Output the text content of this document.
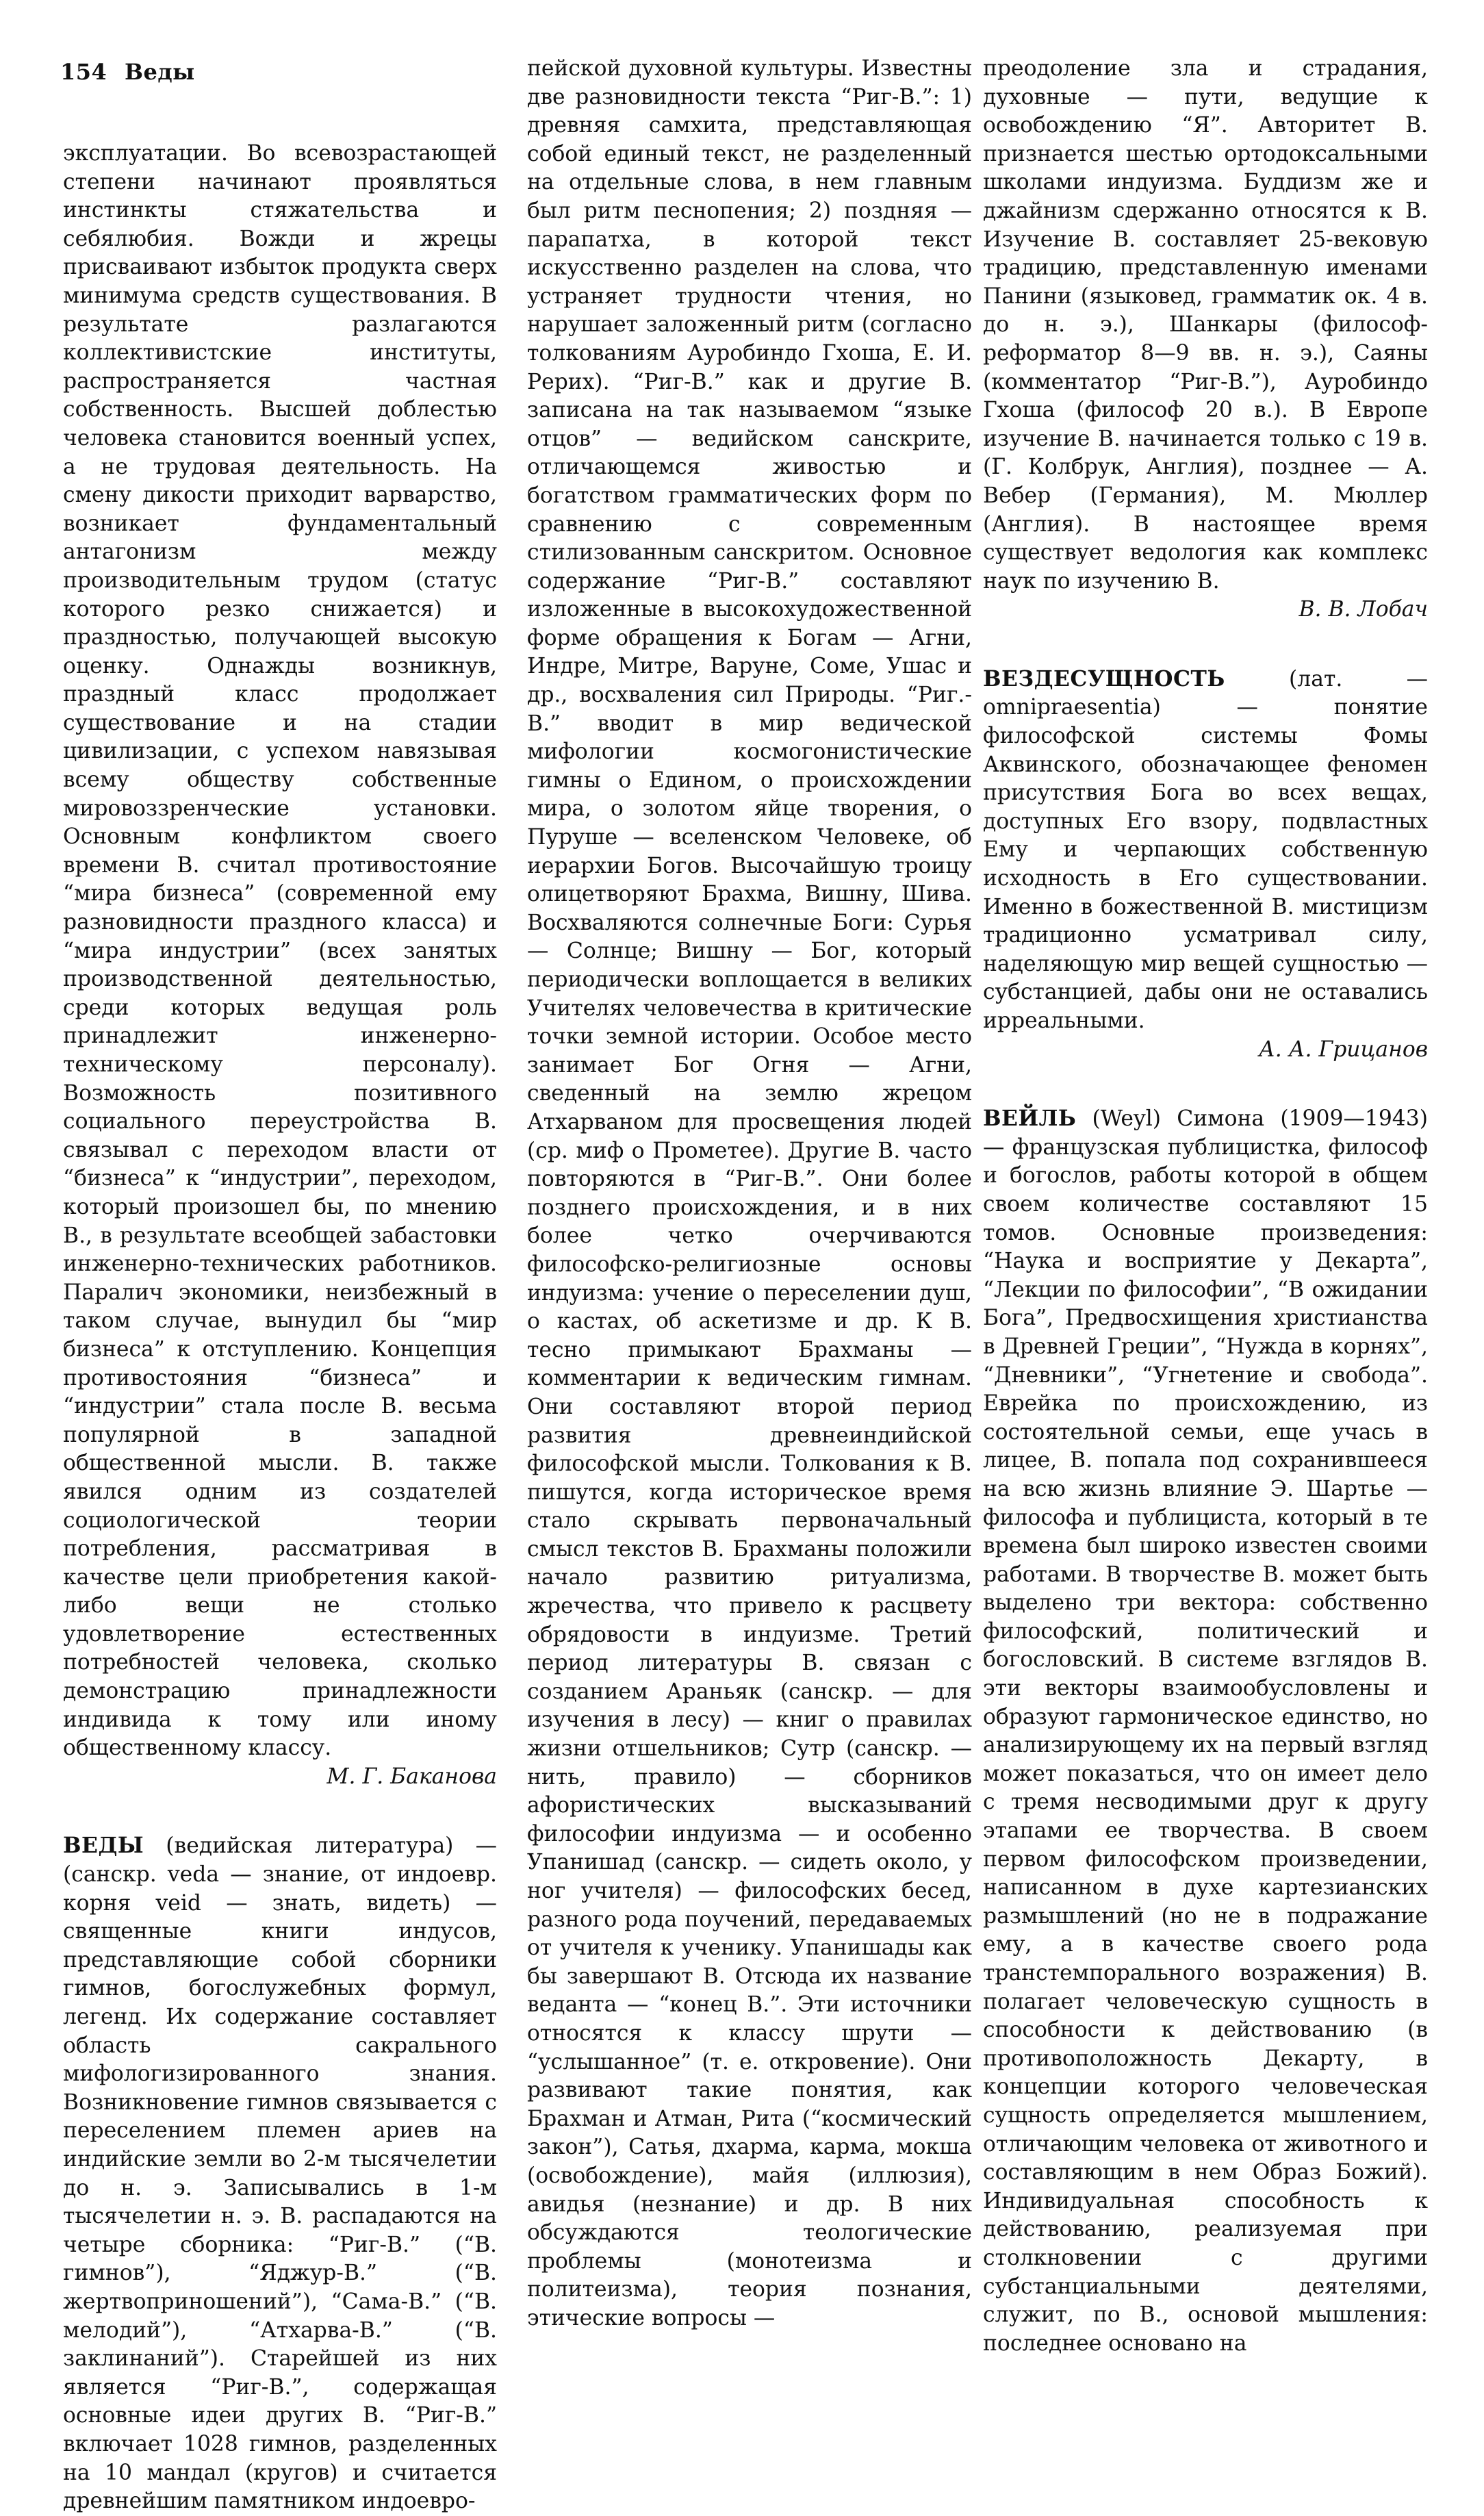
154 Веды

эксплуатации. Во всевозрастающей степени начинают проявляться инстинкты стяжательства и себялюбия. Вожди и жрецы присваивают избыток продукта сверх минимума средств существования. В результате разлагаются коллективистские институты, распространяется частная собственность. Высшей доблестью человека становится военный успех, а не трудовая деятельность. На смену дикости приходит варварство, возникает фундаментальный антагонизм между производительным трудом (статус которого резко снижается) и праздностью, получающей высокую оценку. Однажды возникнув, праздный класс продолжает существование и на стадии цивилизации, с успехом навязывая всему обществу собственные мировоззренческие установки. Основным конфликтом своего времени В. считал противостояние “мира бизнеса” (современной ему разновидности праздного класса) и “мира индустрии” (всех занятых производственной деятельностью, среди которых ведущая роль принадлежит инженерно-техническому персоналу). Возможность позитивного социального переустройства В. связывал с переходом власти от “бизнеса” к “индустрии”, переходом, который произошел бы, по мнению В., в результате всеобщей забастовки инженерно-технических работников. Паралич экономики, неизбежный в таком случае, вынудил бы “мир бизнеса” к отступлению. Концепция противостояния “бизнеса” и “индустрии” стала после В. весьма популярной в западной общественной мысли. В. также явился одним из создателей социологической теории потребления, рассматривая в качестве цели приобретения какой-либо вещи не столько удовлетворение естественных потребностей человека, сколько демонстрацию принадлежности индивида к тому или иному общественному классу.

М. Г. Баканова

ВЕДЫ (ведийская литература) — (санскр. veda — знание, от индоевр. корня veid — знать, видеть) — священные книги индусов, представляющие собой сборники гимнов, богослужебных формул, легенд. Их содержание составляет область сакрального мифологизированного знания. Возникновение гимнов связывается с переселением племен ариев на индийские земли во 2-м тысячелетии до н. э. Записывались в 1-м тысячелетии н. э. В. распадаются на четыре сборника: “Риг-В.” (“В. гимнов”), “Яджур-В.” (“В. жертвоприношений”), “Сама-В.” (“В. мелодий”), “Атхарва-В.” (“В. заклинаний”). Старейшей из них является “Риг-В.”, содержащая основные идеи других В. “Риг-В.” включает 1028 гимнов, разделенных на 10 мандал (кругов) и считается древнейшим памятником индоевро-

пейской духовной культуры. Известны две разновидности текста “Риг-В.”: 1) древняя самхита, представляющая собой единый текст, не разделенный на отдельные слова, в нем главным был ритм песнопения; 2) поздняя — парапатха, в которой текст искусственно разделен на слова, что устраняет трудности чтения, но нарушает заложенный ритм (согласно толкованиям Ауробиндо Гхоша, Е. И. Рерих). “Риг-В.” как и другие В. записана на так называемом “языке отцов” — ведийском санскрите, отличающемся живостью и богатством грамматических форм по сравнению с современным стилизованным санскритом. Основное содержание “Риг-В.” составляют изложенные в высокохудожественной форме обращения к Богам — Агни, Индре, Митре, Варуне, Соме, Ушас и др., восхваления сил Природы. “Риг.-В.” вводит в мир ведической мифологии космогонистические гимны о Едином, о происхождении мира, о золотом яйце творения, о Пуруше — вселенском Человеке, об иерархии Богов. Высочайшую троицу олицетворяют Брахма, Вишну, Шива. Восхваляются солнечные Боги: Сурья — Солнце; Вишну — Бог, который периодически воплощается в великих Учителях человечества в критические точки земной истории. Особое место занимает Бог Огня — Агни, сведенный на землю жрецом Атхарваном для просвещения людей (ср. миф о Прометее). Другие В. часто повторяются в “Риг-В.”. Они более позднего происхождения, и в них более четко очерчиваются философско-религиозные основы индуизма: учение о переселении душ, о кастах, об аскетизме и др. К В. тесно примыкают Брахманы — комментарии к ведическим гимнам. Они составляют второй период развития древнеиндийской философской мысли. Толкования к В. пишутся, когда историческое время стало скрывать первоначальный смысл текстов В. Брахманы положили начало развитию ритуализма, жречества, что привело к расцвету обрядовости в индуизме. Третий период литературы В. связан с созданием Араньяк (санскр. — для изучения в лесу) — книг о правилах жизни отшельников; Сутр (санскр. — нить, правило) — сборников афористических высказываний философии индуизма — и особенно Упанишад (санскр. — сидеть около, у ног учителя) — философских бесед, разного рода поучений, передаваемых от учителя к ученику. Упанишады как бы завершают В. Отсюда их название веданта — “конец В.”. Эти источники относятся к классу шрути — “услышанное” (т. е. откровение). Они развивают такие понятия, как Брахман и Атман, Рита (“космический закон”), Сатья, дхарма, карма, мокша (освобождение), майя (иллюзия), авидья (незнание) и др. В них обсуждаются теологические проблемы (монотеизма и политеизма), теория познания, этические вопросы —

преодоление зла и страдания, духовные — пути, ведущие к освобождению “Я”. Авторитет В. признается шестью ортодоксальными школами индуизма. Буддизм же и джайнизм сдержанно относятся к В. Изучение В. составляет 25-вековую традицию, представленную именами Панини (языковед, грамматик ок. 4 в. до н. э.), Шанкары (философ-реформатор 8—9 вв. н. э.), Саяны (комментатор “Риг-В.”), Ауробиндо Гхоша (философ 20 в.). В Европе изучение В. начинается только с 19 в. (Г. Колбрук, Англия), позднее — А. Вебер (Германия), М. Мюллер (Англия). В настоящее время существует ведология как комплекс наук по изучению В.

В. В. Лобач

ВЕЗДЕСУЩНОСТЬ (лат. — omnipraesentia) — понятие философской системы Фомы Аквинского, обозначающее феномен присутствия Бога во всех вещах, доступных Его взору, подвластных Ему и черпающих собственную исходность в Его существовании. Именно в божественной В. мистицизм традиционно усматривал силу, наделяющую мир вещей сущностью — субстанцией, дабы они не оставались ирреальными.

А. А. Грицанов

ВЕЙЛЬ (Weyl) Симона (1909—1943) — французская публицистка, философ и богослов, работы которой в общем своем количестве составляют 15 томов. Основные произведения: “Наука и восприятие у Декарта”, “Лекции по философии”, “В ожидании Бога”, Предвосхищения христианства в Древней Греции”, “Нужда в корнях”, “Дневники”, “Угнетение и свобода”. Еврейка по происхождению, из состоятельной семьи, еще учась в лицее, В. попала под сохранившееся на всю жизнь влияние Э. Шартье — философа и публициста, который в те времена был широко известен своими работами. В творчестве В. может быть выделено три вектора: собственно философский, политический и богословский. В системе взглядов В. эти векторы взаимообусловлены и образуют гармоническое единство, но анализирующему их на первый взгляд может показаться, что он имеет дело с тремя несводимыми друг к другу этапами ее творчества. В своем первом философском произведении, написанном в духе картезианских размышлений (но не в подражание ему, а в качестве своего рода транстемпорального возражения) В. полагает человеческую сущность в способности к действованию (в противоположность Декарту, в концепции которого человеческая сущность определяется мышлением, отличающим человека от животного и составляющим в нем Образ Божий). Индивидуальная способность к действованию, реализуемая при столкновении с другими субстанциальными деятелями, служит, по В., основой мышления: последнее основано на
